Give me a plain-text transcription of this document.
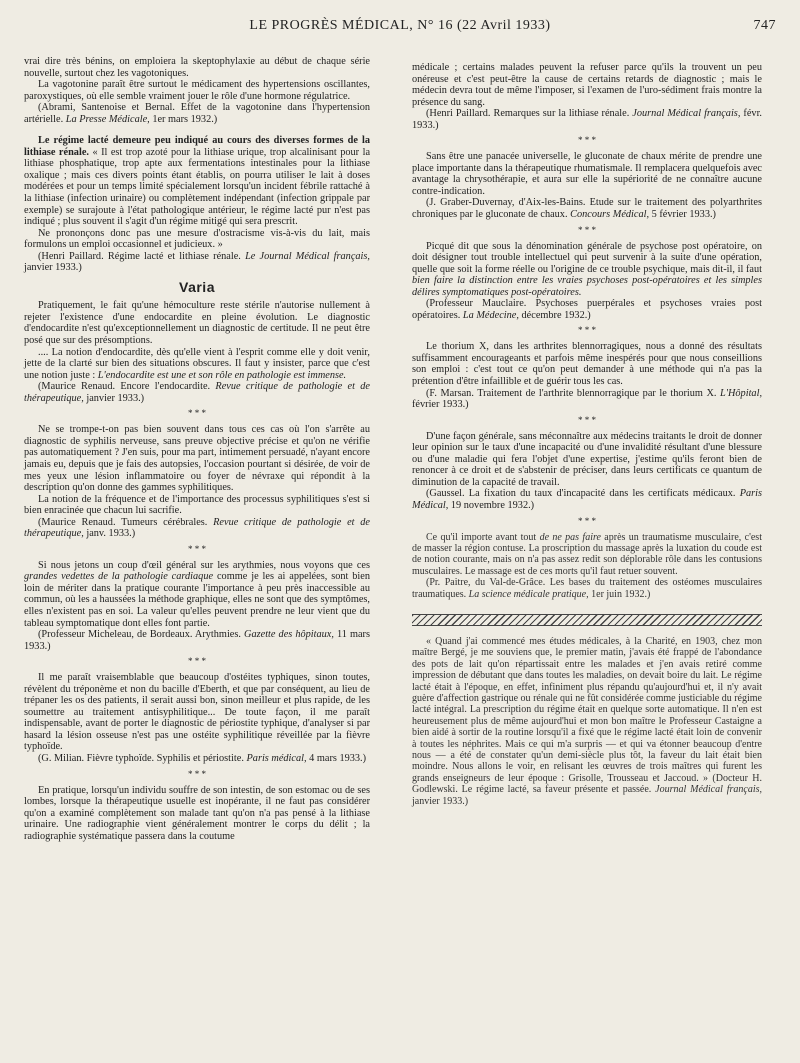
LE PROGRÈS MÉDICAL, N° 16 (22 Avril 1933)	747

vrai dire très bénins, on emploiera la skeptophylaxie au début de chaque série nouvelle, surtout chez les vagotoniques.

La vagotonine paraît être surtout le médicament des hypertensions oscillantes, paroxystiques, où elle semble vraiment jouer le rôle d'une hormone régulatrice.

(Abrami, Santenoise et Bernal. Effet de la vagotonine dans l'hypertension artérielle. La Presse Médicale, 1er mars 1932.)

Le régime lacté demeure peu indiqué au cours des diverses formes de la lithiase rénale. « Il est trop azoté pour la lithiase urique, trop alcalinisant pour la lithiase phosphatique, trop apte aux fermentations intestinales pour la lithiase oxalique ; mais ces divers points étant établis, on pourra utiliser le lait à doses modérées et pour un temps limité spécialement lorsqu'un incident fébrile rattaché à la lithiase (infection urinaire) ou complètement indépendant (infection grippale par exemple) se surajoute à l'état pathologique antérieur, le régime lacté pur n'est pas indiqué ; plus souvent il s'agit d'un régime mitigé qui sera prescrit.

Ne prononçons donc pas une mesure d'ostracisme vis-à-vis du lait, mais formulons un emploi occasionnel et judicieux. »

(Henri Paillard. Régime lacté et lithiase rénale. Le Journal Médical français, janvier 1933.)

Varia

Pratiquement, le fait qu'une hémoculture reste stérile n'autorise nullement à rejeter l'existence d'une endocardite en pleine évolution. Le diagnostic d'endocardite n'est qu'exceptionnellement un diagnostic de certitude. Il ne peut être posé que sur des présomptions.

.... La notion d'endocardite, dès qu'elle vient à l'esprit comme elle y doit venir, jette de la clarté sur bien des situations obscures. Il faut y insister, parce que c'est une notion juste : L'endocardite est une et son rôle en pathologie est immense.

(Maurice Renaud. Encore l'endocardite. Revue critique de pathologie et de thérapeutique, janvier 1933.)

* * *

Ne se trompe-t-on pas bien souvent dans tous ces cas où l'on s'arrête au diagnostic de syphilis nerveuse, sans preuve objective précise et qu'on ne vérifie pas automatiquement ? J'en suis, pour ma part, intimement persuadé, n'ayant encore jamais eu, depuis que je fais des autopsies, l'occasion pourtant si désirée, de voir de mes yeux une lésion inflammatoire ou foyer de névraxe qui répondit à la description qu'on donne des gammes syphilitiques.

La notion de la fréquence et de l'importance des processus syphilitiques s'est si bien enracinée que chacun lui sacrifie.

(Maurice Renaud. Tumeurs cérébrales. Revue critique de pathologie et de thérapeutique, janv. 1933.)

* * *

Si nous jetons un coup d'œil général sur les arythmies, nous voyons que ces grandes vedettes de la pathologie cardiaque comme je les ai appelées, sont bien loin de mériter dans la pratique courante l'importance à peu près inaccessible au commun, où les a haussées la méthode graphique, elles ne sont que des symptômes, elles n'existent pas en soi. La valeur qu'elles peuvent prendre ne leur vient que du tableau symptomatique dont elles font partie.

(Professeur Micheleau, de Bordeaux. Arythmies. Gazette des hôpitaux, 11 mars 1933.)

* * *

Il me paraît vraisemblable que beaucoup d'ostéites typhiques, sinon toutes, révèlent du tréponème et non du bacille d'Eberth, et que par conséquent, au lieu de trépaner les os des patients, il serait aussi bon, sinon meilleur et plus rapide, de les soumettre au traitement antisyphilitique... De toute façon, il me paraît indispensable, avant de porter le diagnostic de périostite typhique, d'analyser si par hasard la lésion osseuse n'est pas une ostéite syphilitique réveillée par la fièvre typhoïde.

(G. Milian. Fièvre typhoïde. Syphilis et périostite. Paris médical, 4 mars 1933.)

* * *

En pratique, lorsqu'un individu souffre de son intestin, de son estomac ou de ses lombes, lorsque la thérapeutique usuelle est inopérante, il ne faut pas considérer qu'on a examiné complètement son malade tant qu'on n'a pas pensé à la lithiase urinaire. Une radiographie vient généralement montrer le corps du délit ; la radiographie systématique passera dans la coutume

médicale ; certains malades peuvent la refuser parce qu'ils la trouvent un peu onéreuse et c'est peut-être la cause de certains retards de diagnostic ; mais le médecin devra tout de même l'imposer, si l'examen de l'uro-sédiment frais montre la présence du sang.

(Henri Paillard. Remarques sur la lithiase rénale. Journal Médical français, févr. 1933.)

* * *

Sans être une panacée universelle, le gluconate de chaux mérite de prendre une place importante dans la thérapeutique rhumatismale. Il remplacera quelquefois avec avantage la chrysothérapie, et aura sur elle la supériorité de ne connaître aucune contre-indication.

(J. Graber-Duvernay, d'Aix-les-Bains. Etude sur le traitement des polyarthrites chroniques par le gluconate de chaux. Concours Médical, 5 février 1933.)

* * *

Picqué dit que sous la dénomination générale de psychose post opératoire, on doit désigner tout trouble intellectuel qui peut survenir à la suite d'une opération, quelle que soit la forme réelle ou l'origine de ce trouble psychique, mais dit-il, il faut bien faire la distinction entre les vraies psychoses post-opératoires et les simples délires symptomatiques post-opératoires.

(Professeur Mauclaire. Psychoses puerpérales et psychoses vraies post opératoires. La Médecine, décembre 1932.)

* * *

Le thorium X, dans les arthrites blennorragiques, nous a donné des résultats suffisamment encourageants et parfois même inespérés pour que nous conseillions son emploi : c'est tout ce qu'on peut demander à une méthode qui n'a pas la prétention d'être infaillible et de guérir tous les cas.

(F. Marsan. Traitement de l'arthrite blennorragique par le thorium X. L'Hôpital, février 1933.)

* * *

D'une façon générale, sans méconnaître aux médecins traitants le droit de donner leur opinion sur le taux d'une incapacité ou d'une invalidité résultant d'une blessure ou d'une maladie qui fera l'objet d'une expertise, j'estime qu'ils feront bien de renoncer à ce droit et de s'abstenir de préciser, dans leurs certificats ce quantum de diminution de la capacité de travail.

(Gaussel. La fixation du taux d'incapacité dans les certificats médicaux. Paris Médical, 19 novembre 1932.)

* * *

Ce qu'il importe avant tout de ne pas faire après un traumatisme musculaire, c'est de masser la région contuse. La proscription du massage après la luxation du coude est de notion courante, mais on n'a pas assez redit son déplorable rôle dans les contusions musculaires. Le massage est de ces morts qu'il faut retuer souvent.

(Pr. Paitre, du Val-de-Grâce. Les bases du traitement des ostéomes musculaires traumatiques. La science médicale pratique, 1er juin 1932.)

« Quand j'ai commencé mes études médicales, à la Charité, en 1903, chez mon maître Bergé, je me souviens que, le premier matin, j'avais été frappé de l'abondance des pots de lait qu'on répartissait entre les malades et j'en avais retiré comme impression de débutant que dans toutes les maladies, on devait boire du lait. Le régime lacté était à l'époque, en effet, infiniment plus répandu qu'aujourd'hui et, il n'y avait guère d'affection gastrique ou rénale qui ne fût considérée comme justiciable du régime lacté intégral. La prescription du régime était en quelque sorte automatique. Il n'en est heureusement plus de même aujourd'hui et mon bon maître le Professeur Castaigne a bien aidé à sortir de la routine lorsqu'il a fixé que le régime lacté était loin de convenir à toutes les néphrites. Mais ce qui m'a surpris — et qui va étonner beaucoup d'entre nous — a été de constater qu'un demi-siècle plus tôt, la faveur du lait était bien moindre. Nous allons le voir, en relisant les œuvres de trois maîtres qui furent les grands enseigneurs de leur époque : Grisolle, Trousseau et Jaccoud. » (Docteur H. Godlewski. Le régime lacté, sa faveur présente et passée. Journal Médical français, janvier 1933.)
